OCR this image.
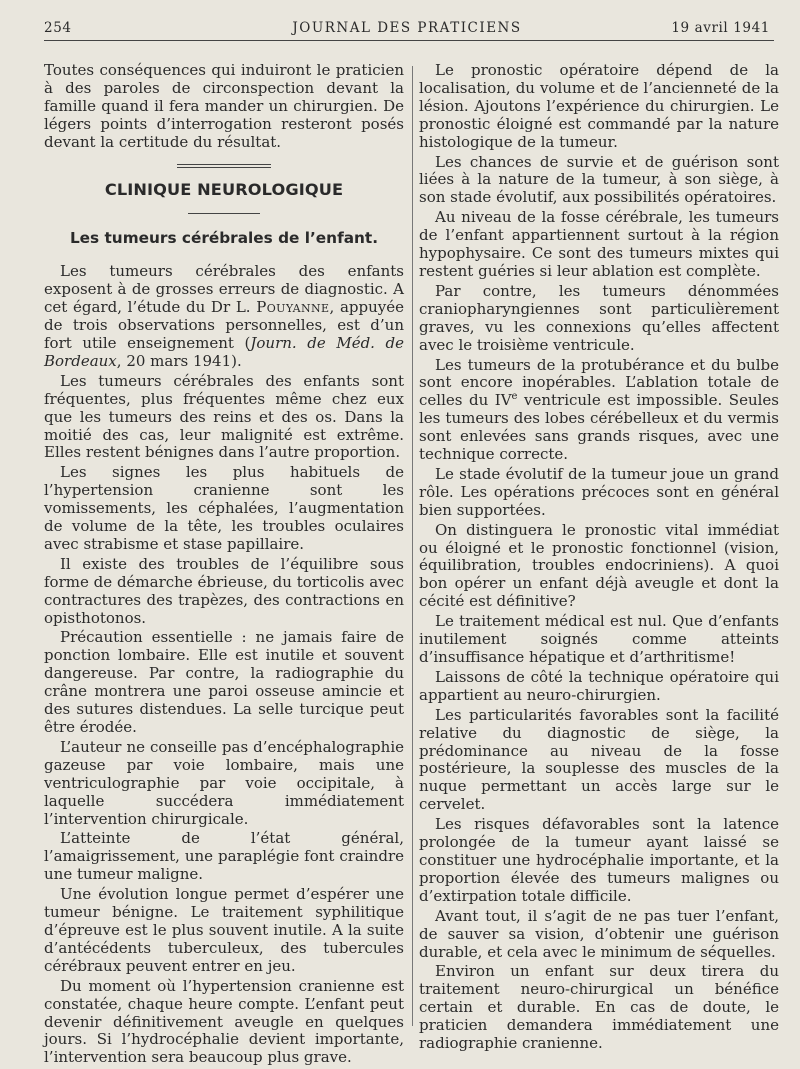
254	JOURNAL DES PRATICIENS	19 avril 1941

Toutes conséquences qui induiront le praticien à des paroles de circonspection devant la famille quand il fera mander un chirurgien. De légers points d’interrogation resteront posés devant la certitude du résultat.

CLINIQUE NEUROLOGIQUE
Les tumeurs cérébrales de l’enfant.

Les tumeurs cérébrales des enfants exposent à de grosses erreurs de diagnostic. A cet égard, l’étude du Dr L. Pouyanne, appuyée de trois observations personnelles, est d’un fort utile enseignement (Journ. de Méd. de Bordeaux, 20 mars 1941).

Les tumeurs cérébrales des enfants sont fréquentes, plus fréquentes même chez eux que les tumeurs des reins et des os. Dans la moitié des cas, leur malignité est extrême. Elles restent bénignes dans l’autre proportion.

Les signes les plus habituels de l’hypertension cranienne sont les vomissements, les céphalées, l’augmentation de volume de la tête, les troubles oculaires avec strabisme et stase papillaire.

Il existe des troubles de l’équilibre sous forme de démarche ébrieuse, du torticolis avec contractures des trapèzes, des contractions en opisthotonos.

Précaution essentielle : ne jamais faire de ponction lombaire. Elle est inutile et souvent dangereuse. Par contre, la radiographie du crâne montrera une paroi osseuse amincie et des sutures distendues. La selle turcique peut être érodée.

L’auteur ne conseille pas d’encéphalographie gazeuse par voie lombaire, mais une ventriculographie par voie occipitale, à laquelle succédera immédiatement l’intervention chirurgicale.

L’atteinte de l’état général, l’amaigrissement, une paraplégie font craindre une tumeur maligne.

Une évolution longue permet d’espérer une tumeur bénigne. Le traitement syphilitique d’épreuve est le plus souvent inutile. A la suite d’antécédents tuberculeux, des tubercules cérébraux peuvent entrer en jeu.

Du moment où l’hypertension cranienne est constatée, chaque heure compte. L’enfant peut devenir définitivement aveugle en quelques jours. Si l’hydrocéphalie devient importante, l’intervention sera beaucoup plus grave.

Le pronostic opératoire dépend de la localisation, du volume et de l’ancienneté de la lésion. Ajoutons l’expérience du chirurgien. Le pronostic éloigné est commandé par la nature histologique de la tumeur.

Les chances de survie et de guérison sont liées à la nature de la tumeur, à son siège, à son stade évolutif, aux possibilités opératoires.

Au niveau de la fosse cérébrale, les tumeurs de l’enfant appartiennent surtout à la région hypophysaire. Ce sont des tumeurs mixtes qui restent guéries si leur ablation est complète.

Par contre, les tumeurs dénommées craniopharyngiennes sont particulièrement graves, vu les connexions qu’elles affectent avec le troisième ventricule.

Les tumeurs de la protubérance et du bulbe sont encore inopérables. L’ablation totale de celles du IVe ventricule est impossible. Seules les tumeurs des lobes cérébelleux et du vermis sont enlevées sans grands risques, avec une technique correcte.

Le stade évolutif de la tumeur joue un grand rôle. Les opérations précoces sont en général bien supportées.

On distinguera le pronostic vital immédiat ou éloigné et le pronostic fonctionnel (vision, équilibration, troubles endocriniens). A quoi bon opérer un enfant déjà aveugle et dont la cécité est définitive?

Le traitement médical est nul. Que d’enfants inutilement soignés comme atteints d’insuffisance hépatique et d’arthritisme!

Laissons de côté la technique opératoire qui appartient au neuro-chirurgien.

Les particularités favorables sont la facilité relative du diagnostic de siège, la prédominance au niveau de la fosse postérieure, la souplesse des muscles de la nuque permettant un accès large sur le cervelet.

Les risques défavorables sont la latence prolongée de la tumeur ayant laissé se constituer une hydrocéphalie importante, et la proportion élevée des tumeurs malignes ou d’extirpation totale difficile.

Avant tout, il s’agit de ne pas tuer l’enfant, de sauver sa vision, d’obtenir une guérison durable, et cela avec le minimum de séquelles.

Environ un enfant sur deux tirera du traitement neuro-chirurgical un bénéfice certain et durable. En cas de doute, le praticien demandera immédiatement une radiographie cranienne.
